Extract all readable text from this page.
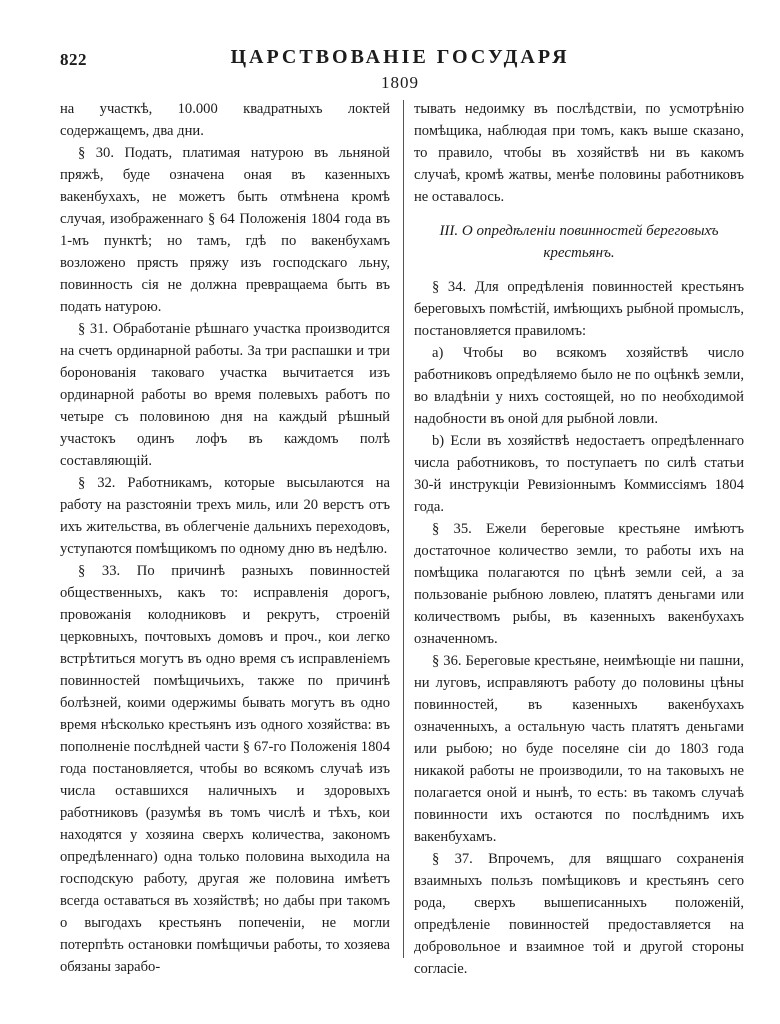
822	ЦАРСТВОВАНІЕ ГОСУДАРЯ
1809

на участкѣ, 10.000 квадратныхъ локтей содержащемъ, два дни.

§ 30. Подать, платимая натурою въ льняной пряжѣ, буде означена оная въ казенныхъ вакенбухахъ, не можетъ быть отмѣнена кромѣ случая, изображеннаго § 64 Положенія 1804 года въ 1-мъ пунктѣ; но тамъ, гдѣ по вакенбухамъ возложено прясть пряжу изъ господскаго льну, повинность сія не должна превращаема быть въ подать натурою.

§ 31. Обработаніе рѣшнаго участка производится на счетъ ординарной работы. За три распашки и три боронованія таковаго участка вычитается изъ ординарной работы во время полевыхъ работъ по четыре съ половиною дня на каждый рѣшный участокъ одинъ лофъ въ каждомъ полѣ составляющій.

§ 32. Работникамъ, которые высылаются на работу на разстояніи трехъ миль, или 20 верстъ отъ ихъ жительства, въ облегченіе дальнихъ переходовъ, уступаются помѣщикомъ по одному дню въ недѣлю.

§ 33. По причинѣ разныхъ повинностей общественныхъ, какъ то: исправленія дорогъ, провожанія колодниковъ и рекрутъ, строеній церковныхъ, почтовыхъ домовъ и проч., кои легко встрѣтиться могутъ въ одно время съ исправленіемъ повинностей помѣщичьихъ, также по причинѣ болѣзней, коими одержимы бывать могутъ въ одно время нѣсколько крестьянъ изъ одного хозяйства: въ пополненіе послѣдней части § 67-го Положенія 1804 года постановляется, чтобы во всякомъ случаѣ изъ числа оставшихся наличныхъ и здоровыхъ работниковъ (разумѣя въ томъ числѣ и тѣхъ, кои находятся у хозяина сверхъ количества, закономъ опредѣленнаго) одна только половина выходила на господскую работу, другая же половина имѣетъ всегда оставаться въ хозяйствѣ; но дабы при такомъ о выгодахъ крестьянъ попеченіи, не могли потерпѣть остановки помѣщичьи работы, то хозяева обязаны зарабо-

тывать недоимку въ послѣдствіи, по усмотрѣнію помѣщика, наблюдая при томъ, какъ выше сказано, то правило, чтобы въ хозяйствѣ ни въ какомъ случаѣ, кромѣ жатвы, менѣе половины работниковъ не оставалось.

III. О опредѣленіи повинностей береговыхъ крестьянъ.

§ 34. Для опредѣленія повинностей крестьянъ береговыхъ помѣстій, имѣющихъ рыбной промыслъ, постановляется правиломъ:

a) Чтобы во всякомъ хозяйствѣ число работниковъ опредѣляемо было не по оцѣнкѣ земли, во владѣніи у нихъ состоящей, но по необходимой надобности въ оной для рыбной ловли.

b) Если въ хозяйствѣ недостаетъ опредѣленнаго числа работниковъ, то поступаетъ по силѣ статьи 30-й инструкціи Ревизіоннымъ Коммиссіямъ 1804 года.

§ 35. Ежели береговые крестьяне имѣютъ достаточное количество земли, то работы ихъ на помѣщика полагаются по цѣнѣ земли сей, а за пользованіе рыбною ловлею, платятъ деньгами или количествомъ рыбы, въ казенныхъ вакенбухахъ означенномъ.

§ 36. Береговые крестьяне, неимѣющіе ни пашни, ни луговъ, исправляютъ работу до половины цѣны повинностей, въ казенныхъ вакенбухахъ означенныхъ, а остальную часть платятъ деньгами или рыбою; но буде поселяне сіи до 1803 года никакой работы не производили, то на таковыхъ не полагается оной и нынѣ, то есть: въ такомъ случаѣ повинности ихъ остаются по послѣднимъ ихъ вакенбухамъ.

§ 37. Впрочемъ, для вящшаго сохраненія взаимныхъ пользъ помѣщиковъ и крестьянъ сего рода, сверхъ вышеписанныхъ положеній, опредѣленіе повинностей предоставляется на добровольное и взаимное той и другой стороны согласіе.
